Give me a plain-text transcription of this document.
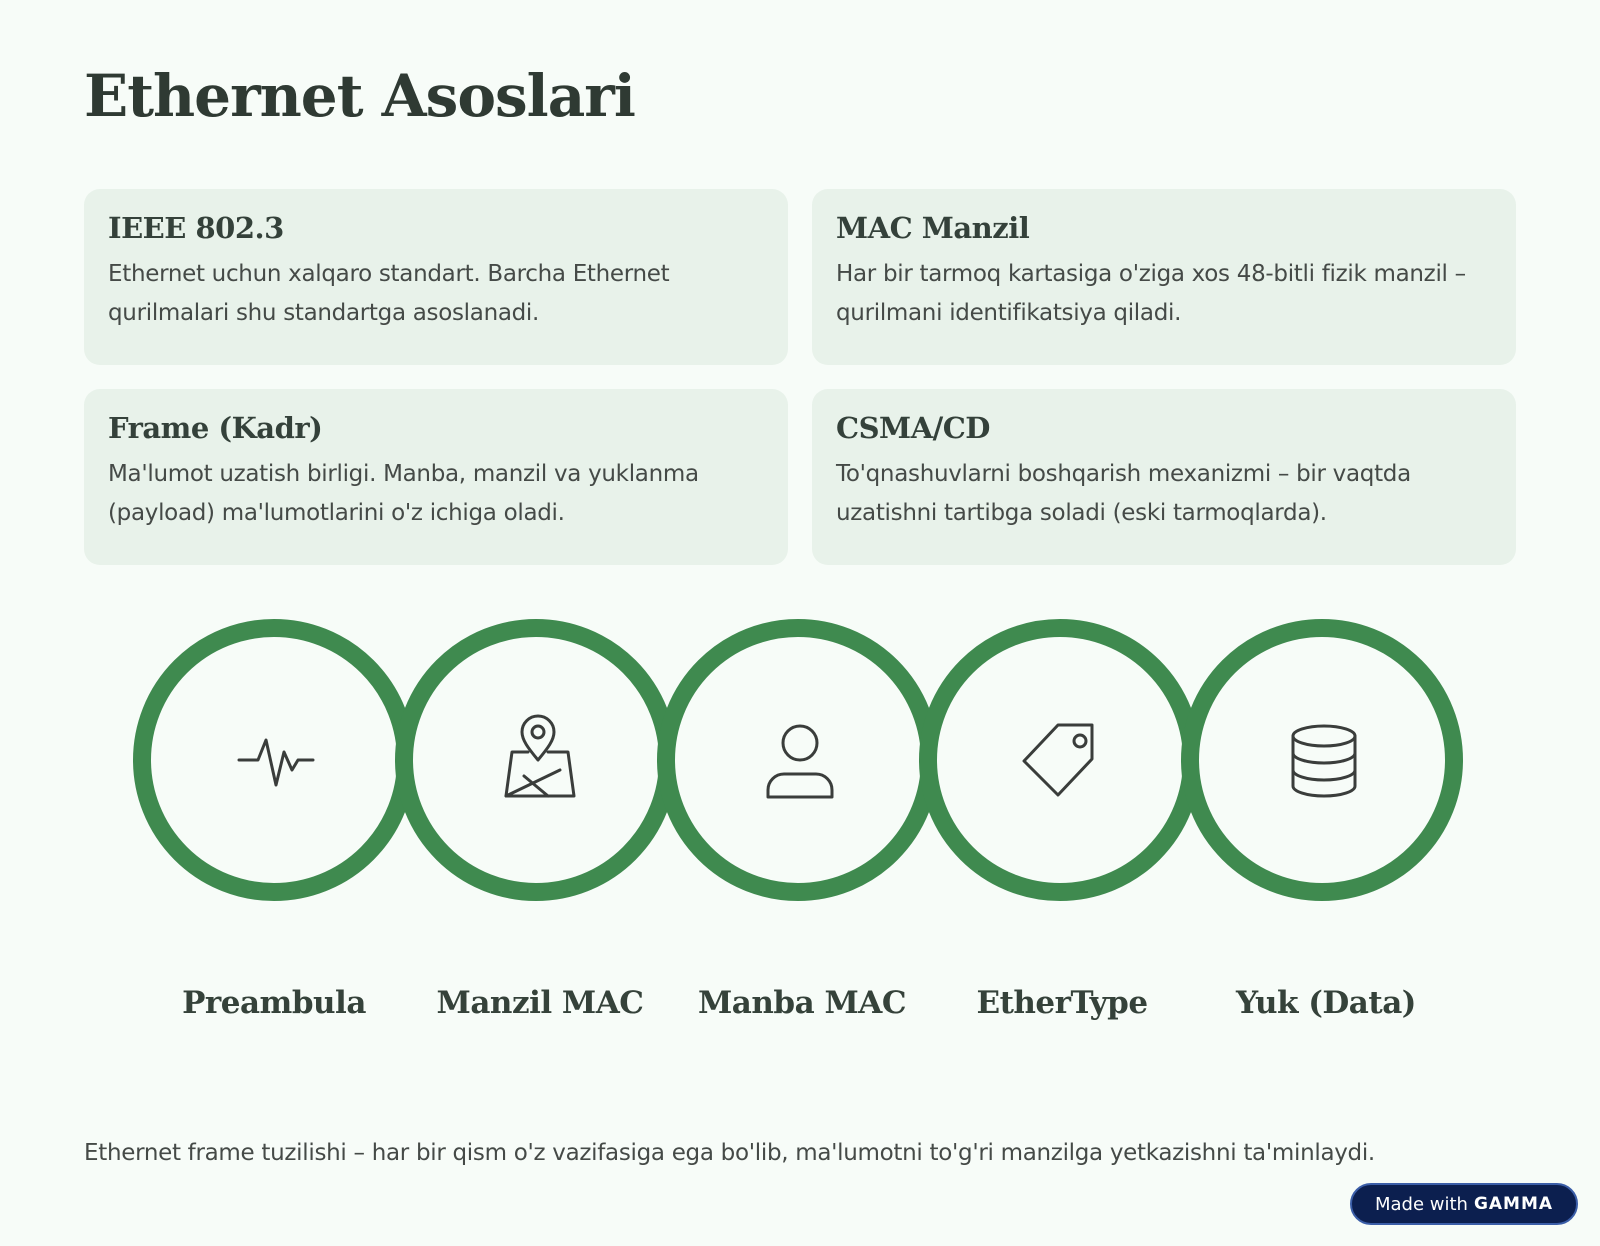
Ethernet Asoslari
IEEE 802.3

Ethernet uchun xalqaro standart. Barcha Ethernet qurilmalari shu standartga asoslanadi.

MAC Manzil

Har bir tarmoq kartasiga o'ziga xos 48-bitli fizik manzil – qurilmani identifikatsiya qiladi.

Frame (Kadr)

Ma'lumot uzatish birligi. Manba, manzil va yuklanma (payload) ma'lumotlarini o'z ichiga oladi.

CSMA/CD

To'qnashuvlarni boshqarish mexanizmi – bir vaqtda uzatishni tartibga soladi (eski tarmoqlarda).

Preambula	Manzil MAC	Manba MAC	EtherType	Yuk (Data)

Ethernet frame tuzilishi – har bir qism o'z vazifasiga ega bo'lib, ma'lumotni to'g'ri manzilga yetkazishni ta'minlaydi.

Made with GAMMA
